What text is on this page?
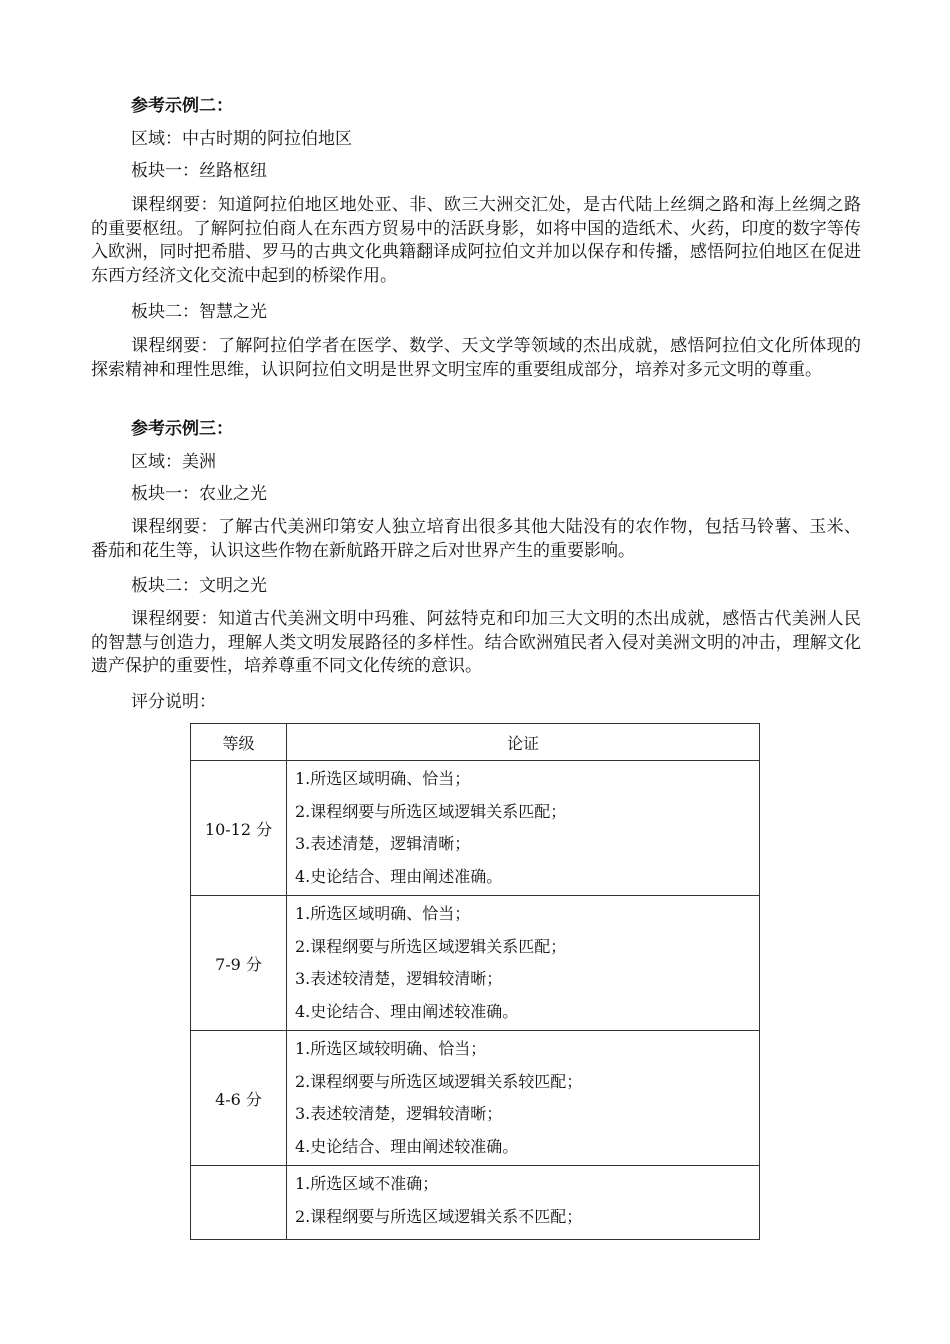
参考示例二：
区域：中古时期的阿拉伯地区
板块一：丝路枢纽
课程纲要：知道阿拉伯地区地处亚、非、欧三大洲交汇处，是古代陆上丝绸之路和海上丝绸之路的重要枢纽。了解阿拉伯商人在东西方贸易中的活跃身影，如将中国的造纸术、火药，印度的数字等传入欧洲，同时把希腊、罗马的古典文化典籍翻译成阿拉伯文并加以保存和传播，感悟阿拉伯地区在促进东西方经济文化交流中起到的桥梁作用。
板块二：智慧之光
课程纲要：了解阿拉伯学者在医学、数学、天文学等领域的杰出成就，感悟阿拉伯文化所体现的探索精神和理性思维，认识阿拉伯文明是世界文明宝库的重要组成部分，培养对多元文明的尊重。
参考示例三：
区域：美洲
板块一：农业之光
课程纲要：了解古代美洲印第安人独立培育出很多其他大陆没有的农作物，包括马铃薯、玉米、番茄和花生等，认识这些作物在新航路开辟之后对世界产生的重要影响。
板块二：文明之光
课程纲要：知道古代美洲文明中玛雅、阿兹特克和印加三大文明的杰出成就，感悟古代美洲人民的智慧与创造力，理解人类文明发展路径的多样性。结合欧洲殖民者入侵对美洲文明的冲击，理解文化遗产保护的重要性，培养尊重不同文化传统的意识。
评分说明：
等级	论证
10-12 分	1.所选区域明确、恰当；
2.课程纲要与所选区域逻辑关系匹配；
3.表述清楚，逻辑清晰；
4.史论结合、理由阐述准确。

7-9 分	1.所选区域明确、恰当；
2.课程纲要与所选区域逻辑关系匹配；
3.表述较清楚，逻辑较清晰；
4.史论结合、理由阐述较准确。

4-6 分	1.所选区域较明确、恰当；
2.课程纲要与所选区域逻辑关系较匹配；
3.表述较清楚，逻辑较清晰；
4.史论结合、理由阐述较准确。

	1.所选区域不准确；
2.课程纲要与所选区域逻辑关系不匹配；
